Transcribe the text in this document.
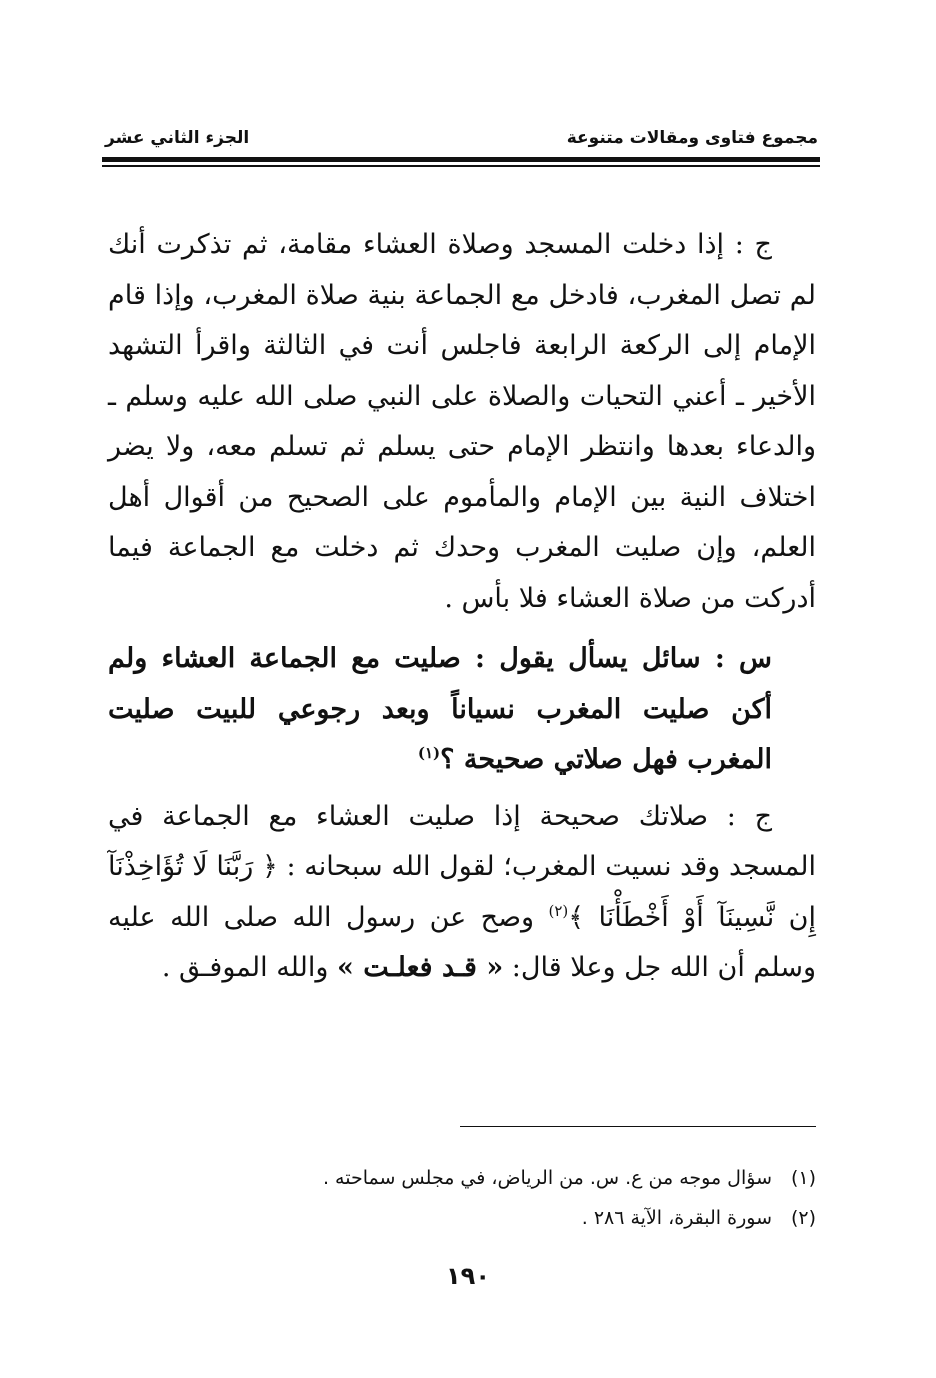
مجموع فتاوى ومقالات متنوعة
الجزء الثاني عشر

ج : إذا دخلت المسجد وصلاة العشاء مقامة، ثم تذكرت أنك لم تصل المغرب، فادخل مع الجماعة بنية صلاة المغرب، وإذا قام الإمام إلى الركعة الرابعة فاجلس أنت في الثالثة واقرأ التشهد الأخير ـ أعني التحيات والصلاة على النبي صلى الله عليه وسلم ـ والدعاء بعدها وانتظر الإمام حتى يسلم ثم تسلم معه، ولا يضر اختلاف النية بين الإمام والمأموم على الصحيح من أقوال أهل العلم، وإن صليت المغرب وحدك ثم دخلت مع الجماعة فيما أدركت من صلاة العشاء فلا بأس .

س : سائل يسأل يقول : صليت مع الجماعة العشاء ولم أكن صليت المغرب نسياناً وبعد رجوعي للبيت صليت المغرب فهل صلاتي صحيحة ؟$^{(١)}$

ج : صلاتك صحيحة إذا صليت العشاء مع الجماعة في المسجد وقد نسيت المغرب؛ لقول الله سبحانه : ﴿ رَبَّنَا لَا تُؤَاخِذْنَآ إِن نَّسِينَآ أَوْ أَخْطَأْنَا ﴾$^{(٢)}$ وصح عن رسول الله صلى الله عليه وسلم أن الله جل وعلا قال: « قـد فعلـت » والله الموفـق .

(١)
سؤال موجه من ع. س. من الرياض، في مجلس سماحته .
(٢)
سورة البقرة، الآية ٢٨٦ .
١٩٠
